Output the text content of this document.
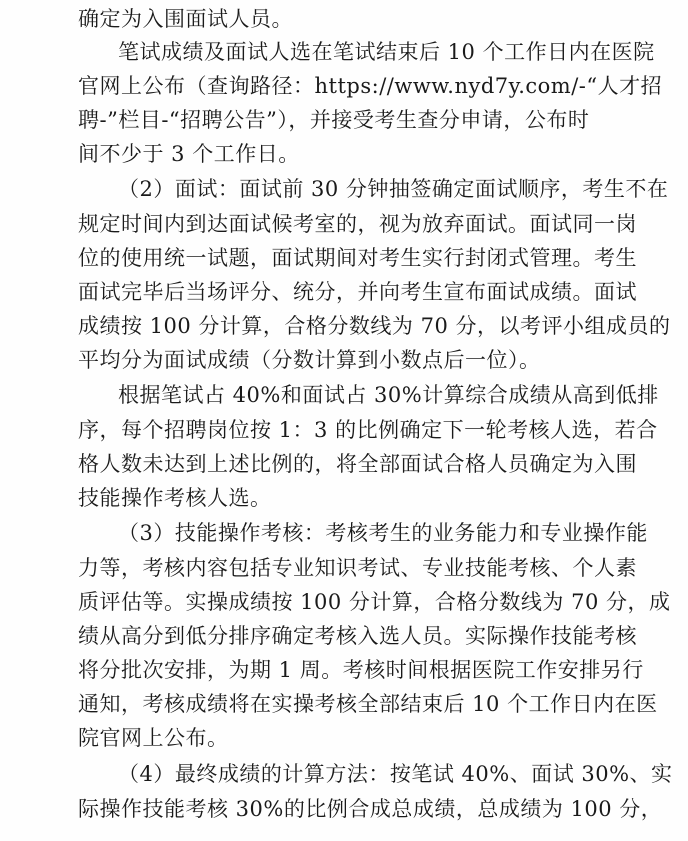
确定为入围面试人员。
笔试成绩及面试人选在笔试结束后 10 个工作日内在医院
官网上公布（查询路径：https://www.nyd7y.com/-“人才招
聘-”栏目-“招聘公告”），并接受考生查分申请，公布时
间不少于 3 个工作日。
（2）面试：面试前 30 分钟抽签确定面试顺序，考生不在
规定时间内到达面试候考室的，视为放弃面试。面试同一岗
位的使用统一试题，面试期间对考生实行封闭式管理。考生
面试完毕后当场评分、统分，并向考生宣布面试成绩。面试
成绩按 100 分计算，合格分数线为 70 分，以考评小组成员的
平均分为面试成绩（分数计算到小数点后一位）。
根据笔试占 40%和面试占 30%计算综合成绩从高到低排
序，每个招聘岗位按 1：3 的比例确定下一轮考核人选，若合
格人数未达到上述比例的，将全部面试合格人员确定为入围
技能操作考核人选。
（3）技能操作考核：考核考生的业务能力和专业操作能
力等，考核内容包括专业知识考试、专业技能考核、个人素
质评估等。实操成绩按 100 分计算，合格分数线为 70 分，成
绩从高分到低分排序确定考核入选人员。实际操作技能考核
将分批次安排，为期 1 周。考核时间根据医院工作安排另行
通知，考核成绩将在实操考核全部结束后 10 个工作日内在医
院官网上公布。
（4）最终成绩的计算方法：按笔试 40%、面试 30%、实
际操作技能考核 30%的比例合成总成绩，总成绩为 100 分，
